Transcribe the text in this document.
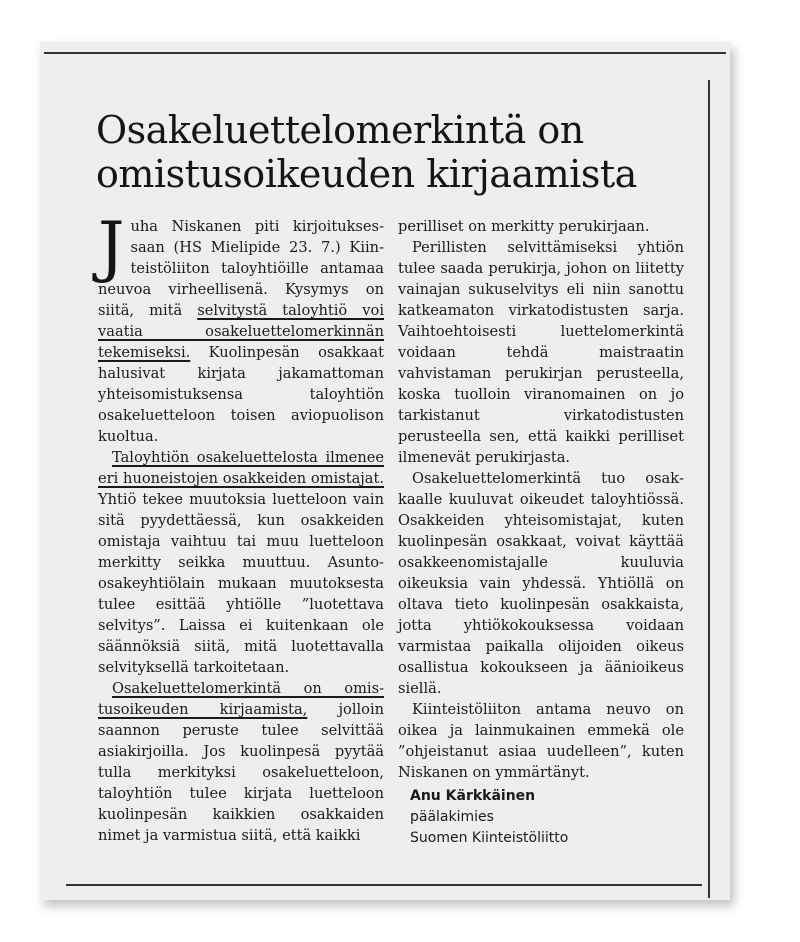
Osakeluettelomerkintä on omistusoikeuden kirjaamista

Juha Niskanen piti kirjoituksessaan (HS Mielipide 23. 7.) Kiinteistöliiton taloyhtiöille antamaa neuvoa virheellisenä. Kysymys on siitä, mitä selvitystä taloyhtiö voi vaatia osakeluettelomerkinnän tekemiseksi. Kuolinpesän osakkaat halusivat kirjata jakamattoman yhteisomistuksensa taloyhtiön osakeluetteloon toisen aviopuolison kuoltua.

Taloyhtiön osakeluettelosta ilmenee eri huoneistojen osakkeiden omistajat. Yhtiö tekee muutoksia luetteloon vain sitä pyydettäessä, kun osakkeiden omistaja vaihtuu tai muu luetteloon merkitty seikka muuttuu. Asunto-osakeyhtiölain mukaan muutoksesta tulee esittää yhtiölle ”luotettava selvitys”. Laissa ei kuitenkaan ole säännöksiä siitä, mitä luotettavalla selvityksellä tarkoitetaan.

Osakeluettelomerkintä on omistusoikeuden kirjaamista, jolloin saannon peruste tulee selvittää asiakirjoilla. Jos kuolinpesä pyytää tulla merkityksi osakeluetteloon, taloyhtiön tulee kirjata luetteloon kuolinpesän kaikkien osakkaiden nimet ja varmistua siitä, että kaikki

perilliset on merkitty perukirjaan.

Perillisten selvittämiseksi yhtiön tulee saada perukirja, johon on liitetty vainajan sukuselvitys eli niin sanottu katkeamaton virkatodistusten sarja. Vaihtoehtoisesti luettelomerkintä voidaan tehdä maistraatin vahvistaman perukirjan perusteella, koska tuolloin viranomainen on jo tarkistanut virkatodistusten perusteella sen, että kaikki perilliset ilmenevät perukirjasta.

Osakeluettelomerkintä tuo osakkaalle kuuluvat oikeudet taloyhtiössä. Osakkeiden yhteisomistajat, kuten kuolinpesän osakkaat, voivat käyttää osakkeenomistajalle kuuluvia oikeuksia vain yhdessä. Yhtiöllä on oltava tieto kuolinpesän osakkaista, jotta yhtiökokouksessa voidaan varmistaa paikalla olijoiden oikeus osallistua kokoukseen ja äänioikeus siellä.

Kiinteistöliiton antama neuvo on oikea ja lainmukainen emmekä ole ”ohjeistanut asiaa uudelleen”, kuten Niskanen on ymmärtänyt.

Anu Kärkkäinen
päälakimies
Suomen Kiinteistöliitto
